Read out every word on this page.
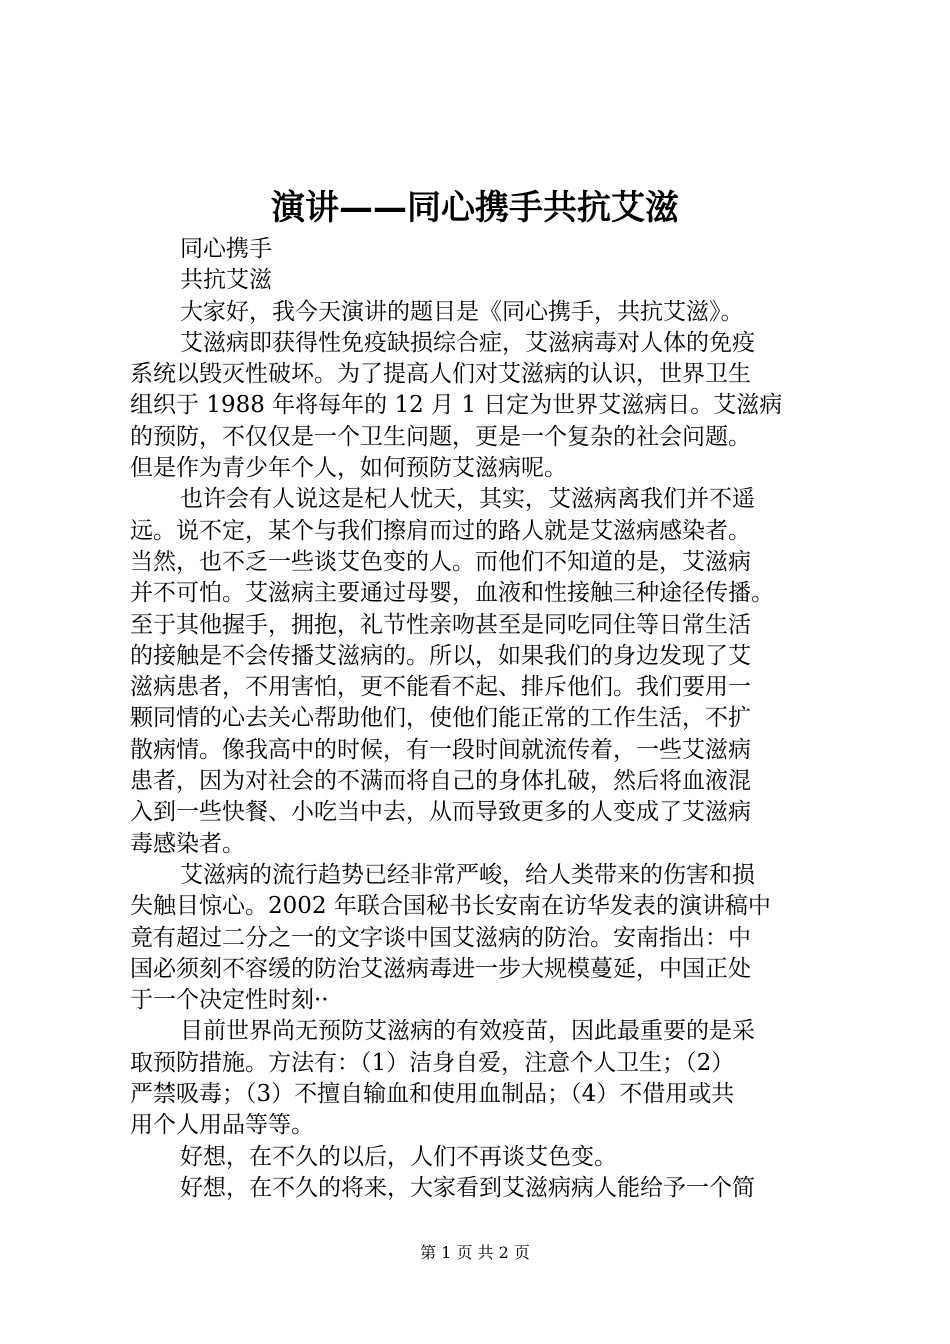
演讲——同心携手共抗艾滋
同心携手
共抗艾滋
大家好，我今天演讲的题目是《同心携手，共抗艾滋》。
艾滋病即获得性免疫缺损综合症，艾滋病毒对人体的免疫
系统以毁灭性破坏。为了提高人们对艾滋病的认识，世界卫生
组织于 1988 年将每年的 12 月 1 日定为世界艾滋病日。艾滋病
的预防，不仅仅是一个卫生问题，更是一个复杂的社会问题。
但是作为青少年个人，如何预防艾滋病呢。
也许会有人说这是杞人忧天，其实，艾滋病离我们并不遥
远。说不定，某个与我们擦肩而过的路人就是艾滋病感染者。
当然，也不乏一些谈艾色变的人。而他们不知道的是，艾滋病
并不可怕。艾滋病主要通过母婴，血液和性接触三种途径传播。
至于其他握手，拥抱，礼节性亲吻甚至是同吃同住等日常生活
的接触是不会传播艾滋病的。所以，如果我们的身边发现了艾
滋病患者，不用害怕，更不能看不起、排斥他们。我们要用一
颗同情的心去关心帮助他们，使他们能正常的工作生活，不扩
散病情。像我高中的时候，有一段时间就流传着，一些艾滋病
患者，因为对社会的不满而将自己的身体扎破，然后将血液混
入到一些快餐、小吃当中去，从而导致更多的人变成了艾滋病
毒感染者。
艾滋病的流行趋势已经非常严峻，给人类带来的伤害和损
失触目惊心。2002 年联合国秘书长安南在访华发表的演讲稿中
竟有超过二分之一的文字谈中国艾滋病的防治。安南指出：中
国必须刻不容缓的防治艾滋病毒进一步大规模蔓延，中国正处
于一个决定性时刻··
目前世界尚无预防艾滋病的有效疫苗，因此最重要的是采
取预防措施。方法有：（1）洁身自爱，注意个人卫生；（2）
严禁吸毒；（3）不擅自输血和使用血制品；（4）不借用或共
用个人用品等等。
好想，在不久的以后，人们不再谈艾色变。
好想，在不久的将来，大家看到艾滋病病人能给予一个简
第 1 页 共 2 页
